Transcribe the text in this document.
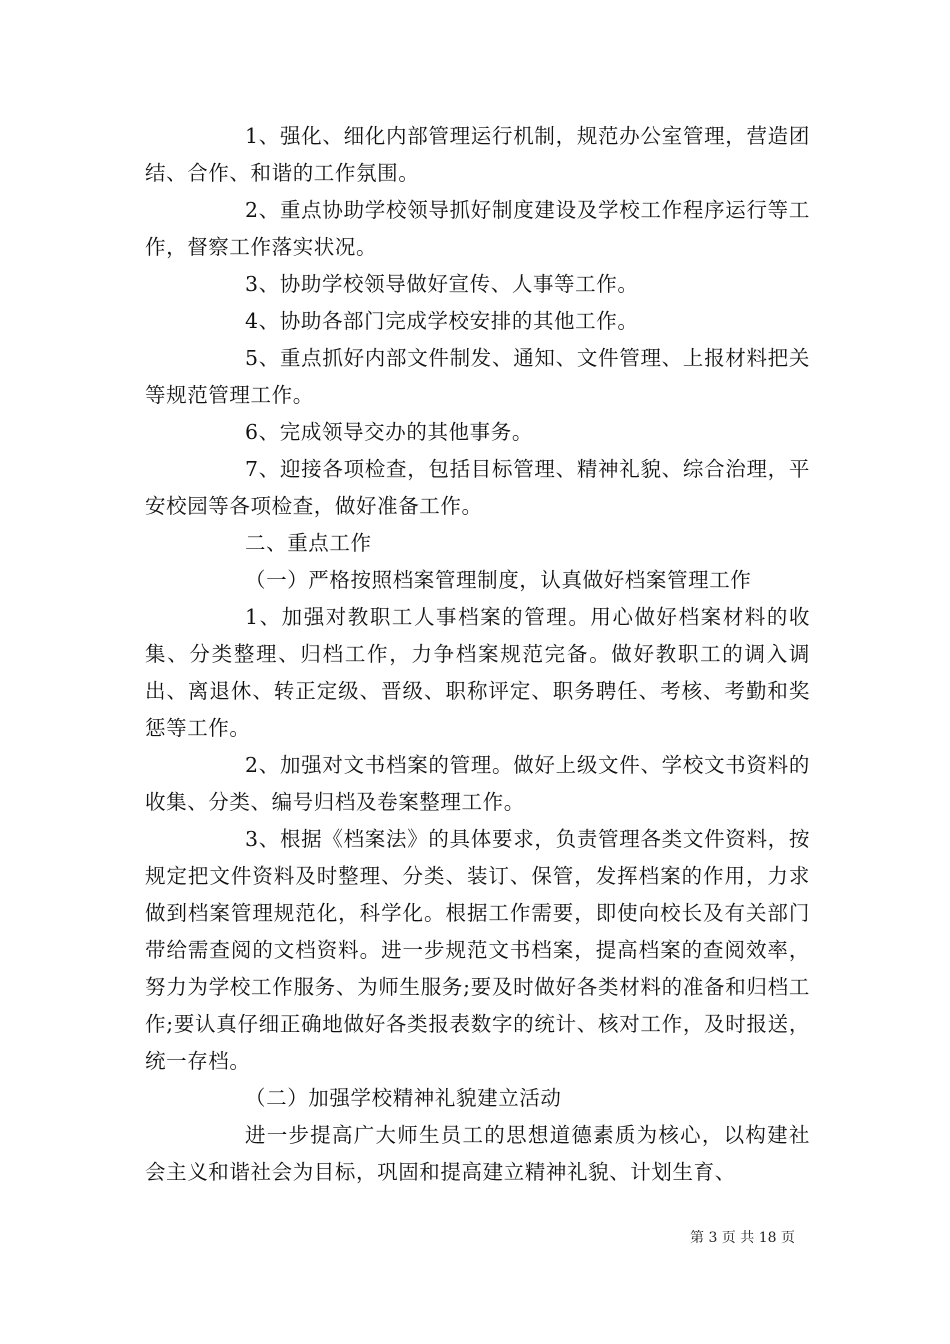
1、强化、细化内部管理运行机制，规范办公室管理，营造团结、合作、和谐的工作氛围。

2、重点协助学校领导抓好制度建设及学校工作程序运行等工作，督察工作落实状况。

3、协助学校领导做好宣传、人事等工作。

4、协助各部门完成学校安排的其他工作。

5、重点抓好内部文件制发、通知、文件管理、上报材料把关等规范管理工作。

6、完成领导交办的其他事务。

7、迎接各项检查，包括目标管理、精神礼貌、综合治理，平安校园等各项检查，做好准备工作。

二、重点工作

（一）严格按照档案管理制度，认真做好档案管理工作

1、加强对教职工人事档案的管理。用心做好档案材料的收集、分类整理、归档工作，力争档案规范完备。做好教职工的调入调出、离退休、转正定级、晋级、职称评定、职务聘任、考核、考勤和奖惩等工作。

2、加强对文书档案的管理。做好上级文件、学校文书资料的收集、分类、编号归档及卷案整理工作。

3、根据《档案法》的具体要求，负责管理各类文件资料，按规定把文件资料及时整理、分类、装订、保管，发挥档案的作用，力求做到档案管理规范化，科学化。根据工作需要，即使向校长及有关部门带给需查阅的文档资料。进一步规范文书档案，提高档案的查阅效率，努力为学校工作服务、为师生服务;要及时做好各类材料的准备和归档工作;要认真仔细正确地做好各类报表数字的统计、核对工作，及时报送，统一存档。

（二）加强学校精神礼貌建立活动

进一步提高广大师生员工的思想道德素质为核心，以构建社会主义和谐社会为目标，巩固和提高建立精神礼貌、计划生育、

第 3 页 共 18 页
